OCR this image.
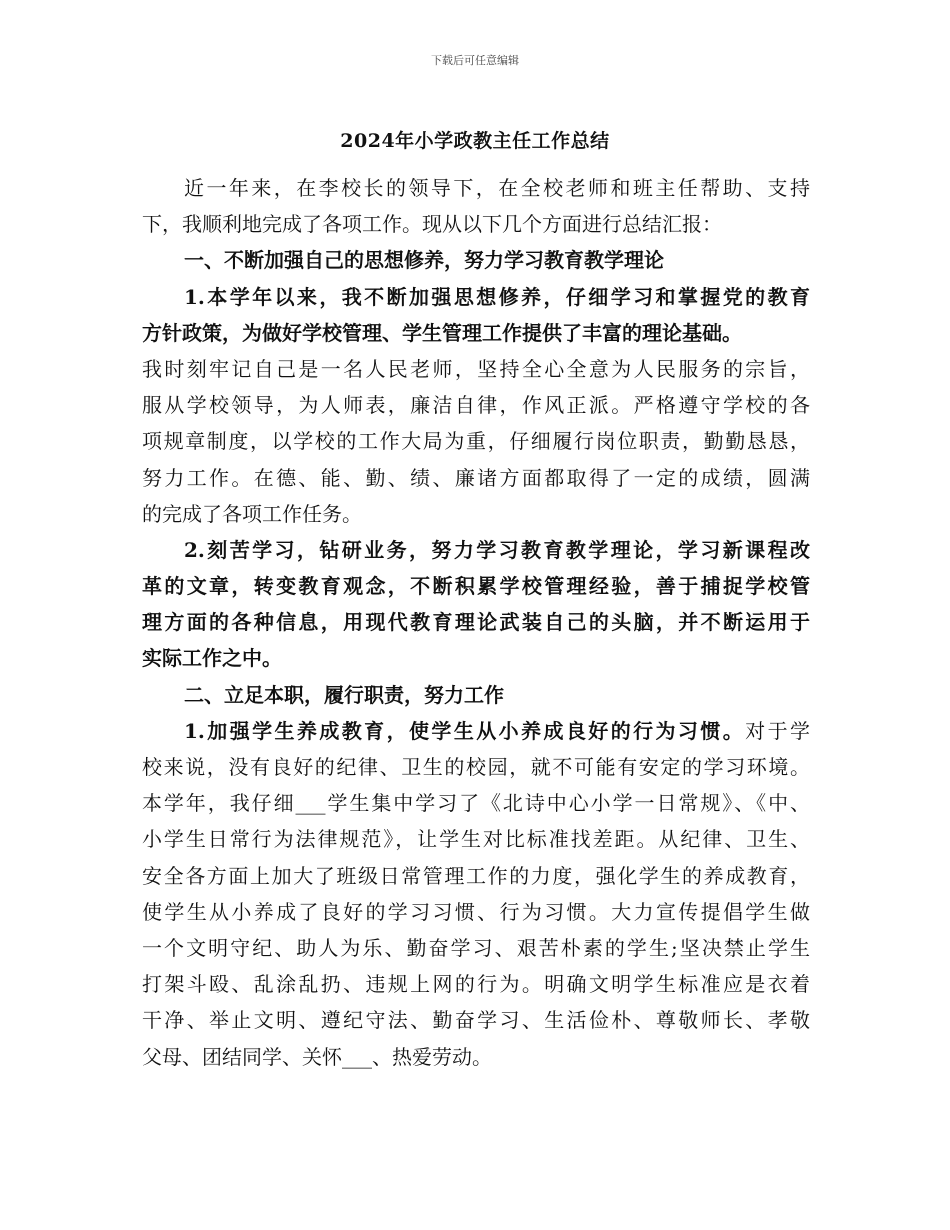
下载后可任意编辑
2024年小学政教主任工作总结
近一年来，在李校长的领导下，在全校老师和班主任帮助、支持
下，我顺利地完成了各项工作。现从以下几个方面进行总结汇报：
一、不断加强自己的思想修养，努力学习教育教学理论
1.本学年以来，我不断加强思想修养，仔细学习和掌握党的教育
方针政策，为做好学校管理、学生管理工作提供了丰富的理论基础。
我时刻牢记自己是一名人民老师，坚持全心全意为人民服务的宗旨，
服从学校领导，为人师表，廉洁自律，作风正派。严格遵守学校的各
项规章制度，以学校的工作大局为重，仔细履行岗位职责，勤勤恳恳，
努力工作。在德、能、勤、绩、廉诸方面都取得了一定的成绩，圆满
的完成了各项工作任务。
2.刻苦学习，钻研业务，努力学习教育教学理论，学习新课程改
革的文章，转变教育观念，不断积累学校管理经验，善于捕捉学校管
理方面的各种信息，用现代教育理论武装自己的头脑，并不断运用于
实际工作之中。
二、立足本职，履行职责，努力工作
1.加强学生养成教育，使学生从小养成良好的行为习惯。对于学
校来说，没有良好的纪律、卫生的校园，就不可能有安定的学习环境。
本学年，我仔细___学生集中学习了《北诗中心小学一日常规》、《中、
小学生日常行为法律规范》，让学生对比标准找差距。从纪律、卫生、
安全各方面上加大了班级日常管理工作的力度，强化学生的养成教育，
使学生从小养成了良好的学习习惯、行为习惯。大力宣传提倡学生做
一个文明守纪、助人为乐、勤奋学习、艰苦朴素的学生;坚决禁止学生
打架斗殴、乱涂乱扔、违规上网的行为。明确文明学生标准应是衣着
干净、举止文明、遵纪守法、勤奋学习、生活俭朴、尊敬师长、孝敬
父母、团结同学、关怀___、热爱劳动。
